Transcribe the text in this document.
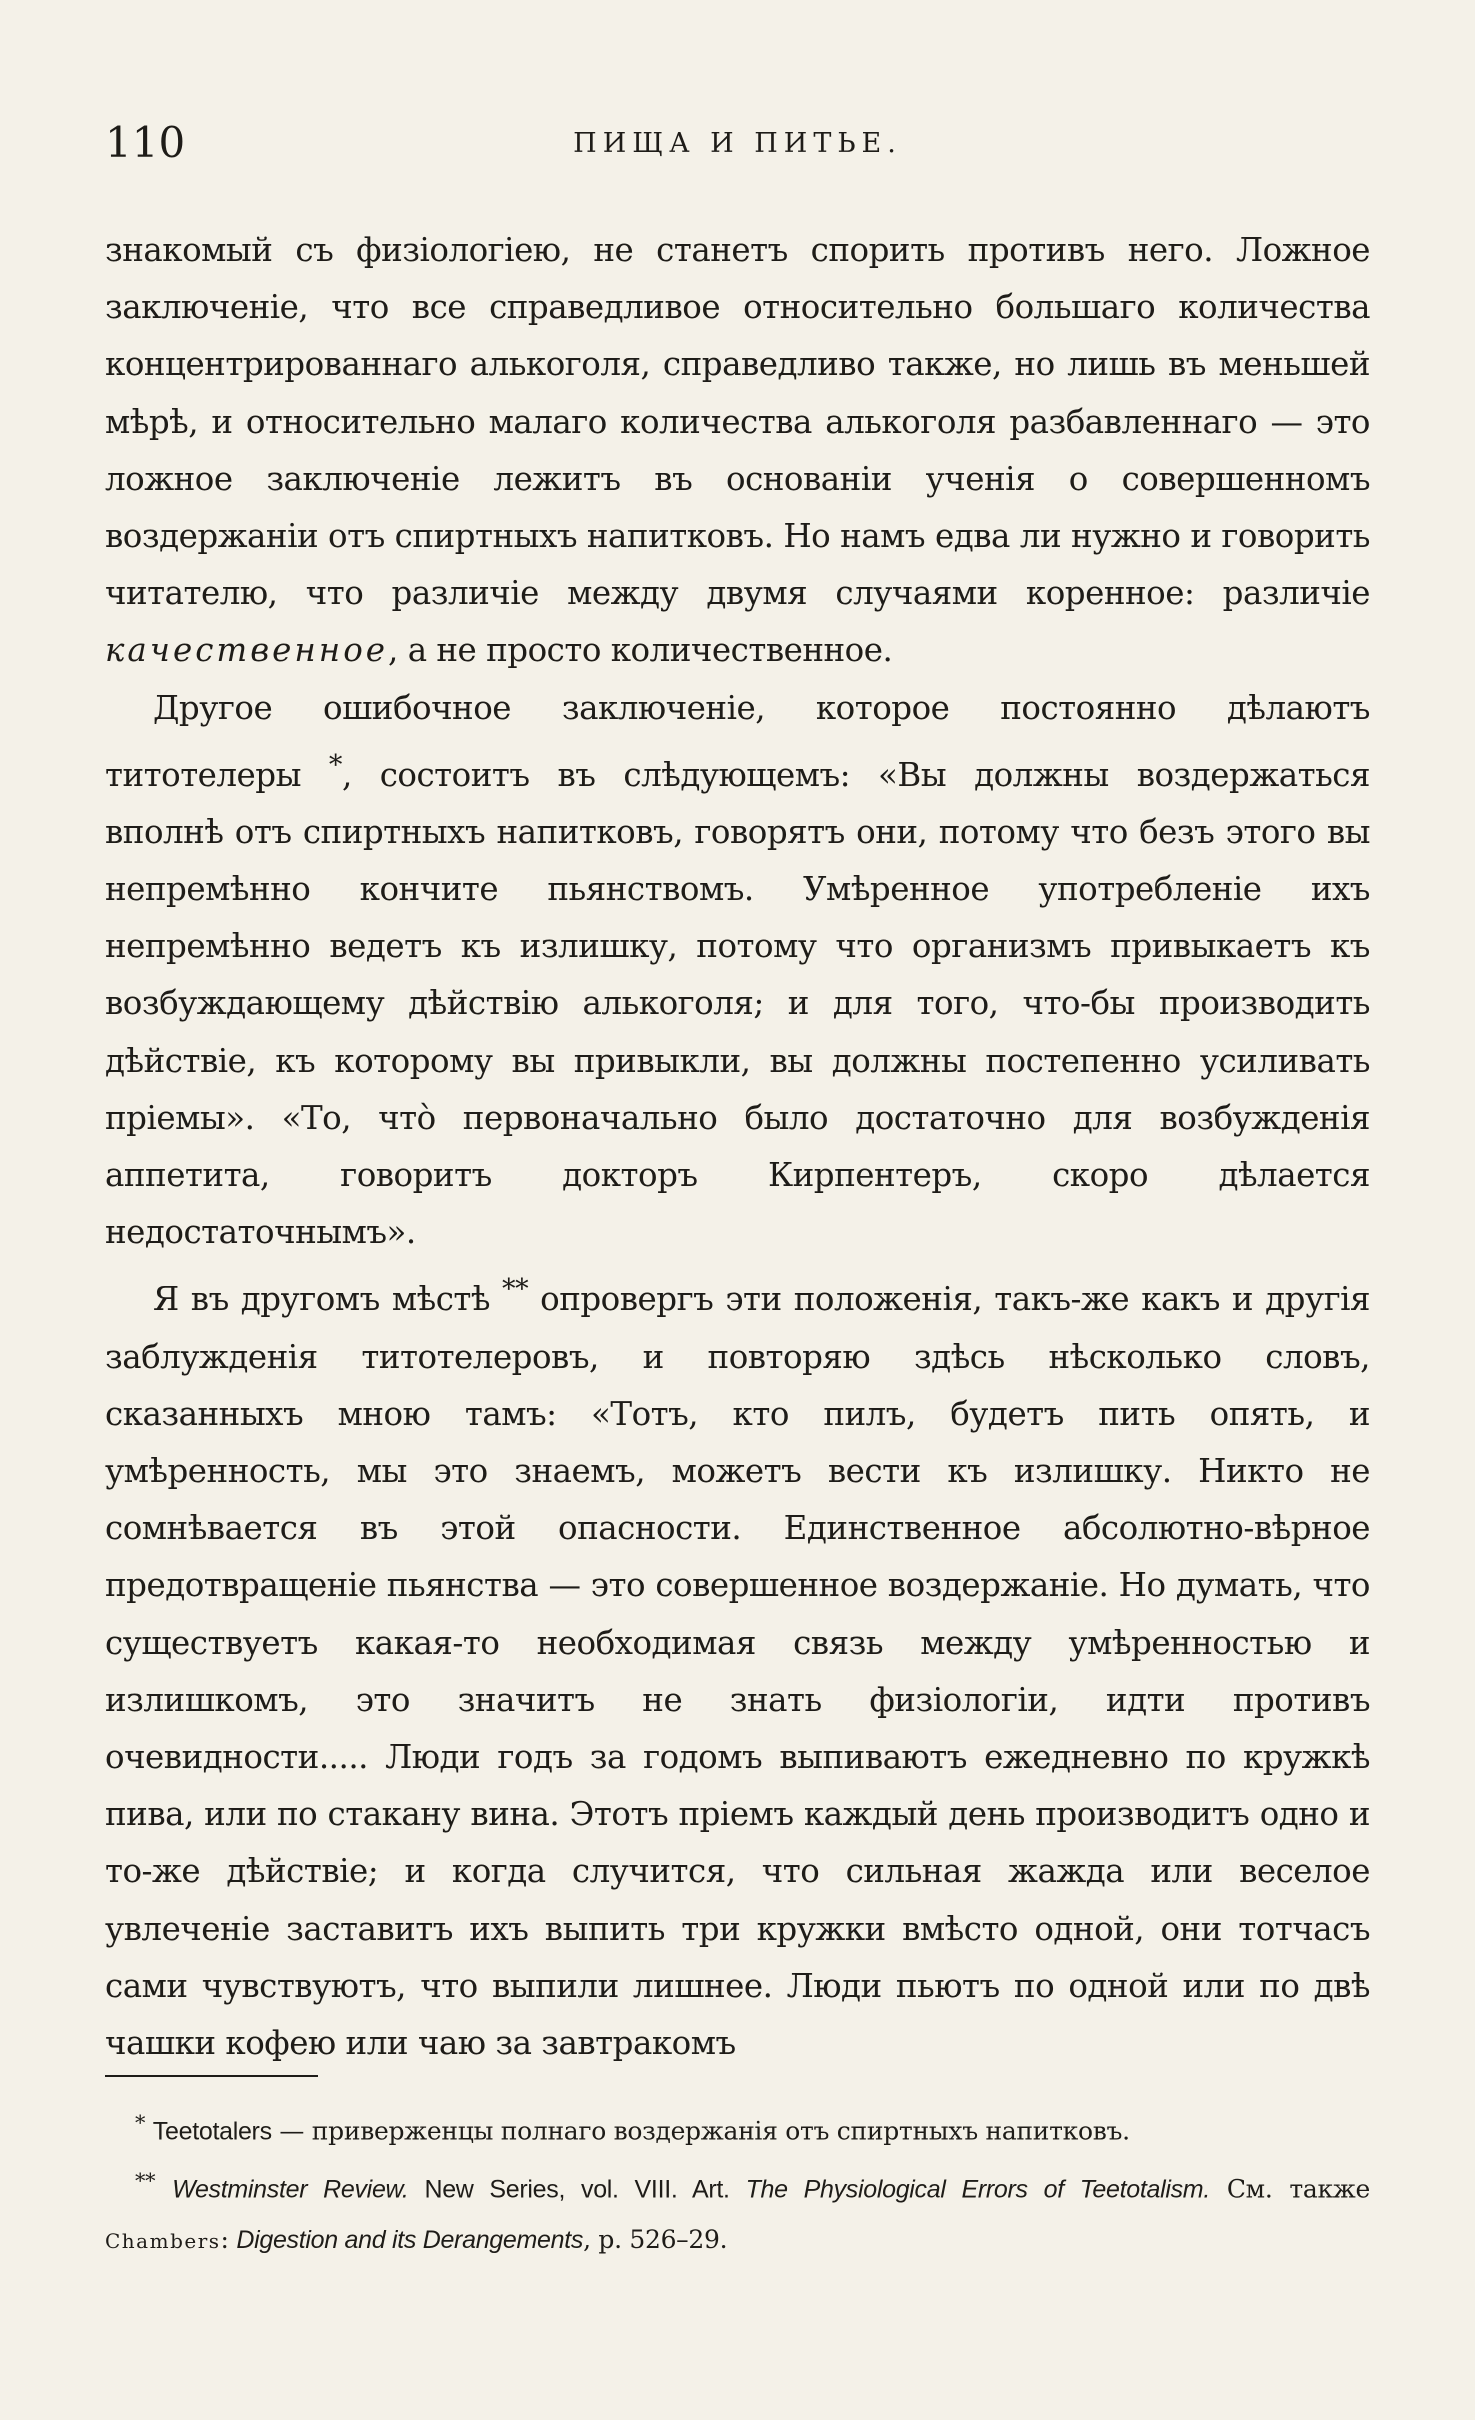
110	ПИЩА И ПИТЬЕ.

знакомый съ физiологiею, не станетъ спорить противъ него. Ложное заключенiе, что все справедливое относительно большаго количества концентрированнаго алькоголя, справедливо также, но лишь въ меньшей мѣрѣ, и относительно малаго количества алькоголя разбавленнаго — это ложное заключенiе лежитъ въ основанiи ученiя о совершенномъ воздержанiи отъ спиртныхъ напитковъ. Но намъ едва ли нужно и говорить читателю, что различiе между двумя случаями коренное: различiе качественное, а не просто количественное.

Другое ошибочное заключенiе, которое постоянно дѣлаютъ титотелеры *, состоитъ въ слѣдующемъ: «Вы должны воздержаться вполнѣ отъ спиртныхъ напитковъ, говорятъ они, потому что безъ этого вы непремѣнно кончите пьянствомъ. Умѣренное употребленiе ихъ непремѣнно ведетъ къ излишку, потому что организмъ привыкаетъ къ возбуждающему дѣйствiю алькоголя; и для того, что-бы производить дѣйствiе, къ которому вы привыкли, вы должны постепенно усиливать прiемы». «То, чтò первоначально было достаточно для возбужденiя аппетита, говоритъ докторъ Кирпентеръ, скоро дѣлается недостаточнымъ».

Я въ другомъ мѣстѣ ** опровергъ эти положенiя, такъ-же какъ и другiя заблужденiя титотелеровъ, и повторяю здѣсь нѣсколько словъ, сказанныхъ мною тамъ: «Тотъ, кто пилъ, будетъ пить опять, и умѣренность, мы это знаемъ, можетъ вести къ излишку. Никто не сомнѣвается въ этой опасности. Единственное абсолютно-вѣрное предотвращенiе пьянства — это совершенное воздержанiе. Но думать, что существуетъ какая-то необходимая связь между умѣренностью и излишкомъ, это значитъ не знать физiологiи, идти противъ очевидности..... Люди годъ за годомъ выпиваютъ ежедневно по кружкѣ пива, или по стакану вина. Этотъ прiемъ каждый день производитъ одно и то-же дѣйствiе; и когда случится, что сильная жажда или веселое увлеченiе заставитъ ихъ выпить три кружки вмѣсто одной, они тотчасъ сами чувствуютъ, что выпили лишнее. Люди пьютъ по одной или по двѣ чашки кофею или чаю за завтракомъ

* Teetotalers — приверженцы полнаго воздержанiя отъ спиртныхъ напитковъ.

** Westminster Review. New Series, vol. VIII. Art. The Physiological Errors of Teetotalism. См. также Chambers: Digestion and its Derangements, p. 526–29.
